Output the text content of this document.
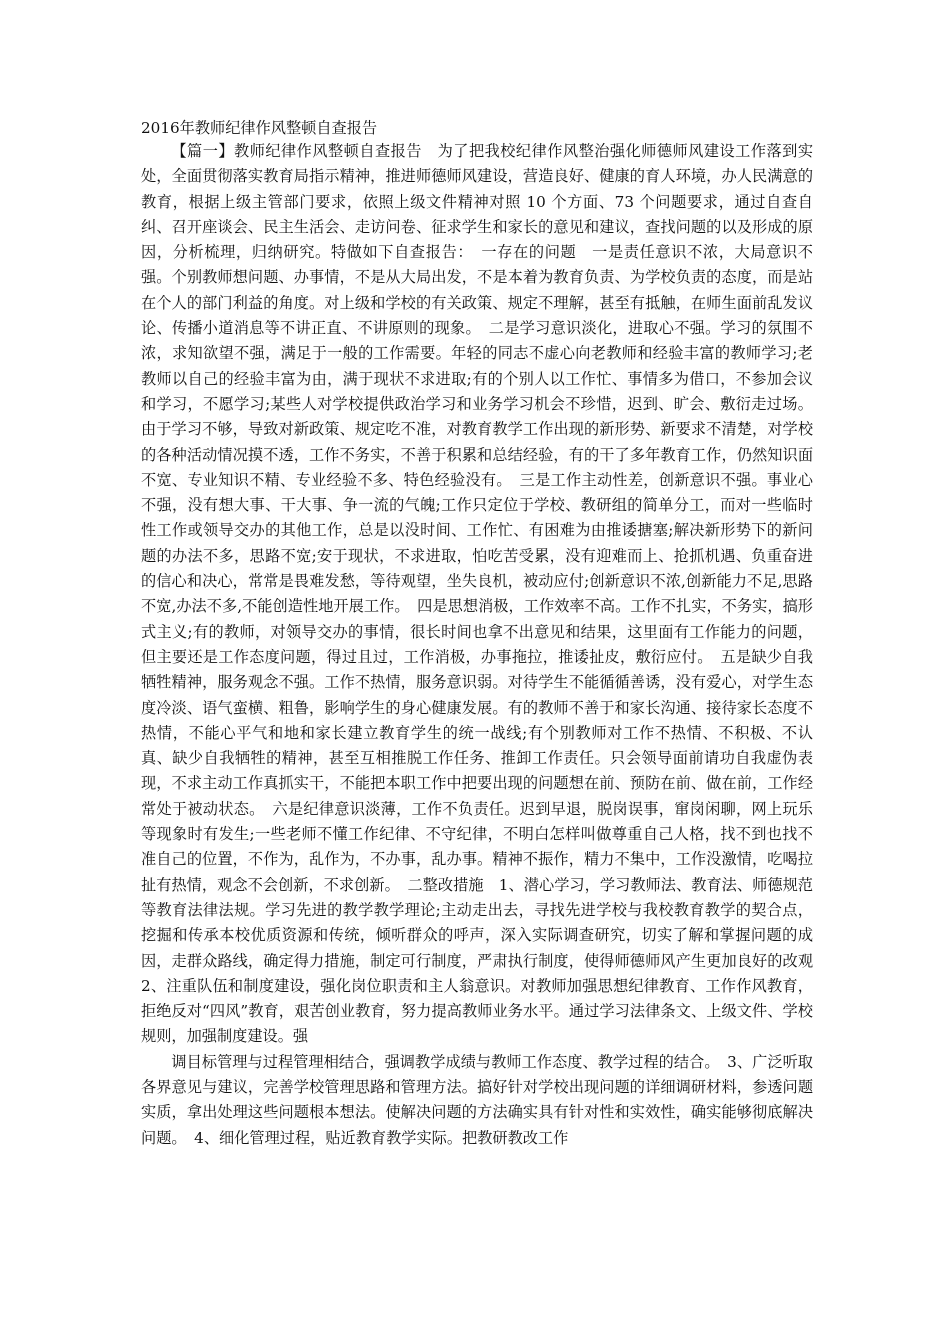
2016年教师纪律作风整顿自查报告

【篇一】教师纪律作风整顿自查报告　为了把我校纪律作风整治强化师德师风建设工作落到实处，全面贯彻落实教育局指示精神，推进师德师风建设，营造良好、健康的育人环境，办人民满意的教育，根据上级主管部门要求，依照上级文件精神对照 10 个方面、73 个问题要求，通过自查自纠、召开座谈会、民主生活会、走访问卷、征求学生和家长的意见和建议，查找问题的以及形成的原因，分析梳理，归纳研究。特做如下自查报告：　一存在的问题　一是责任意识不浓，大局意识不强。个别教师想问题、办事情，不是从大局出发，不是本着为教育负责、为学校负责的态度，而是站在个人的部门利益的角度。对上级和学校的有关政策、规定不理解，甚至有抵触，在师生面前乱发议论、传播小道消息等不讲正直、不讲原则的现象。　二是学习意识淡化，进取心不强。学习的氛围不浓，求知欲望不强，满足于一般的工作需要。年轻的同志不虚心向老教师和经验丰富的教师学习;老教师以自己的经验丰富为由，满于现状不求进取;有的个别人以工作忙、事情多为借口，不参加会议和学习，不愿学习;某些人对学校提供政治学习和业务学习机会不珍惜，迟到、旷会、敷衍走过场。由于学习不够，导致对新政策、规定吃不准，对教育教学工作出现的新形势、新要求不清楚，对学校的各种活动情况摸不透，工作不务实，不善于积累和总结经验，有的干了多年教育工作，仍然知识面不宽、专业知识不精、专业经验不多、特色经验没有。　三是工作主动性差，创新意识不强。事业心不强，没有想大事、干大事、争一流的气魄;工作只定位于学校、教研组的简单分工，而对一些临时性工作或领导交办的其他工作，总是以没时间、工作忙、有困难为由推诿搪塞;解决新形势下的新问题的办法不多，思路不宽;安于现状，不求进取，怕吃苦受累，没有迎难而上、抢抓机遇、负重奋进的信心和决心，常常是畏难发愁，等待观望，坐失良机，被动应付;创新意识不浓,创新能力不足,思路不宽,办法不多,不能创造性地开展工作。　四是思想消极，工作效率不高。工作不扎实，不务实，搞形式主义;有的教师，对领导交办的事情，很长时间也拿不出意见和结果，这里面有工作能力的问题，但主要还是工作态度问题，得过且过，工作消极，办事拖拉，推诿扯皮，敷衍应付。　五是缺少自我牺牲精神，服务观念不强。工作不热情，服务意识弱。对待学生不能循循善诱，没有爱心，对学生态度冷淡、语气蛮横、粗鲁，影响学生的身心健康发展。有的教师不善于和家长沟通、接待家长态度不热情，不能心平气和地和家长建立教育学生的统一战线;有个别教师对工作不热情、不积极、不认真、缺少自我牺牲的精神，甚至互相推脱工作任务、推卸工作责任。只会领导面前请功自我虚伪表现，不求主动工作真抓实干，不能把本职工作中把要出现的问题想在前、预防在前、做在前，工作经常处于被动状态。　六是纪律意识淡薄，工作不负责任。迟到早退，脱岗误事，窜岗闲聊，网上玩乐等现象时有发生;一些老师不懂工作纪律、不守纪律，不明白怎样叫做尊重自己人格，找不到也找不准自己的位置，不作为，乱作为，不办事，乱办事。精神不振作，精力不集中，工作没激情，吃喝拉扯有热情，观念不会创新，不求创新。　二整改措施　1、潜心学习，学习教师法、教育法、师德规范等教育法律法规。学习先进的教学教学理论;主动走出去，寻找先进学校与我校教育教学的契合点，挖掘和传承本校优质资源和传统，倾听群众的呼声，深入实际调查研究，切实了解和掌握问题的成因，走群众路线，确定得力措施，制定可行制度，严肃执行制度，使得师德师风产生更加良好的改观　2、注重队伍和制度建设，强化岗位职责和主人翁意识。对教师加强思想纪律教育、工作作风教育，拒绝反对“四风”教育，艰苦创业教育，努力提高教师业务水平。通过学习法律条文、上级文件、学校规则，加强制度建设。强

调目标管理与过程管理相结合，强调教学成绩与教师工作态度、教学过程的结合。　3、广泛听取各界意见与建议，完善学校管理思路和管理方法。搞好针对学校出现问题的详细调研材料，参透问题实质，拿出处理这些问题根本想法。使解决问题的方法确实具有针对性和实效性，确实能够彻底解决问题。　4、细化管理过程，贴近教育教学实际。把教研教改工作
